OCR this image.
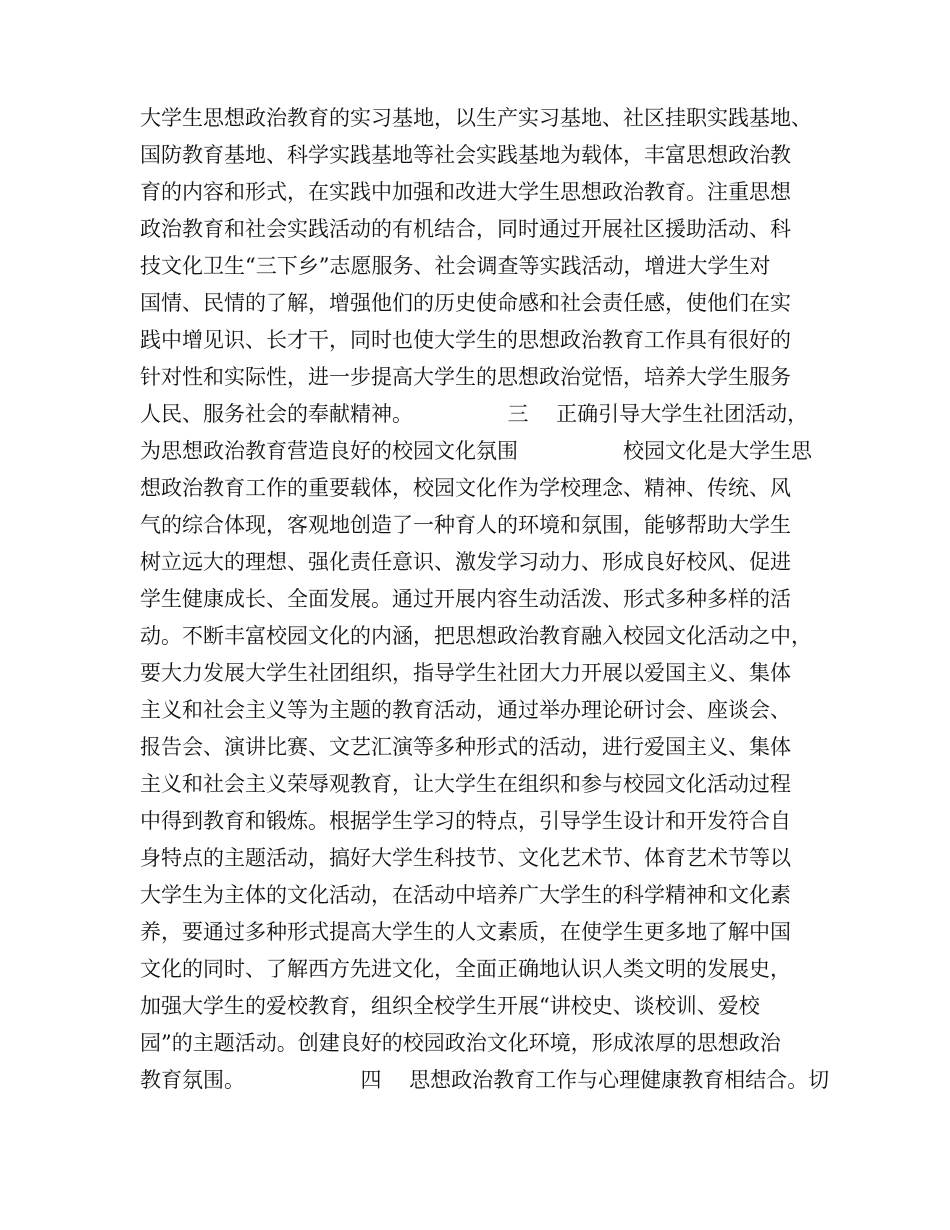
大学生思想政治教育的实习基地，以生产实习基地、社区挂职实践基地、
国防教育基地、科学实践基地等社会实践基地为载体，丰富思想政治教
育的内容和形式，在实践中加强和改进大学生思想政治教育。注重思想
政治教育和社会实践活动的有机结合，同时通过开展社区援助活动、科
技文化卫生“三下乡”志愿服务、社会调查等实践活动，增进大学生对
国情、民情的了解，增强他们的历史使命感和社会责任感，使他们在实
践中增见识、长才干，同时也使大学生的思想政治教育工作具有很好的
针对性和实际性，进一步提高大学生的思想政治觉悟，培养大学生服务
人民、服务社会的奉献精神。　　　　　三　 正确引导大学生社团活动，
为思想政治教育营造良好的校园文化氛围　　　　　校园文化是大学生思
想政治教育工作的重要载体，校园文化作为学校理念、精神、传统、风
气的综合体现，客观地创造了一种育人的环境和氛围，能够帮助大学生
树立远大的理想、强化责任意识、激发学习动力、形成良好校风、促进
学生健康成长、全面发展。通过开展内容生动活泼、形式多种多样的活
动。不断丰富校园文化的内涵，把思想政治教育融入校园文化活动之中，
要大力发展大学生社团组织，指导学生社团大力开展以爱国主义、集体
主义和社会主义等为主题的教育活动，通过举办理论研讨会、座谈会、
报告会、演讲比赛、文艺汇演等多种形式的活动，进行爱国主义、集体
主义和社会主义荣辱观教育，让大学生在组织和参与校园文化活动过程
中得到教育和锻炼。根据学生学习的特点，引导学生设计和开发符合自
身特点的主题活动，搞好大学生科技节、文化艺术节、体育艺术节等以
大学生为主体的文化活动，在活动中培养广大学生的科学精神和文化素
养，要通过多种形式提高大学生的人文素质，在使学生更多地了解中国
文化的同时、了解西方先进文化，全面正确地认识人类文明的发展史，
加强大学生的爱校教育，组织全校学生开展“讲校史、谈校训、爱校
园”的主题活动。创建良好的校园政治文化环境，形成浓厚的思想政治
教育氛围。　　　　　　四　 思想政治教育工作与心理健康教育相结合。切
